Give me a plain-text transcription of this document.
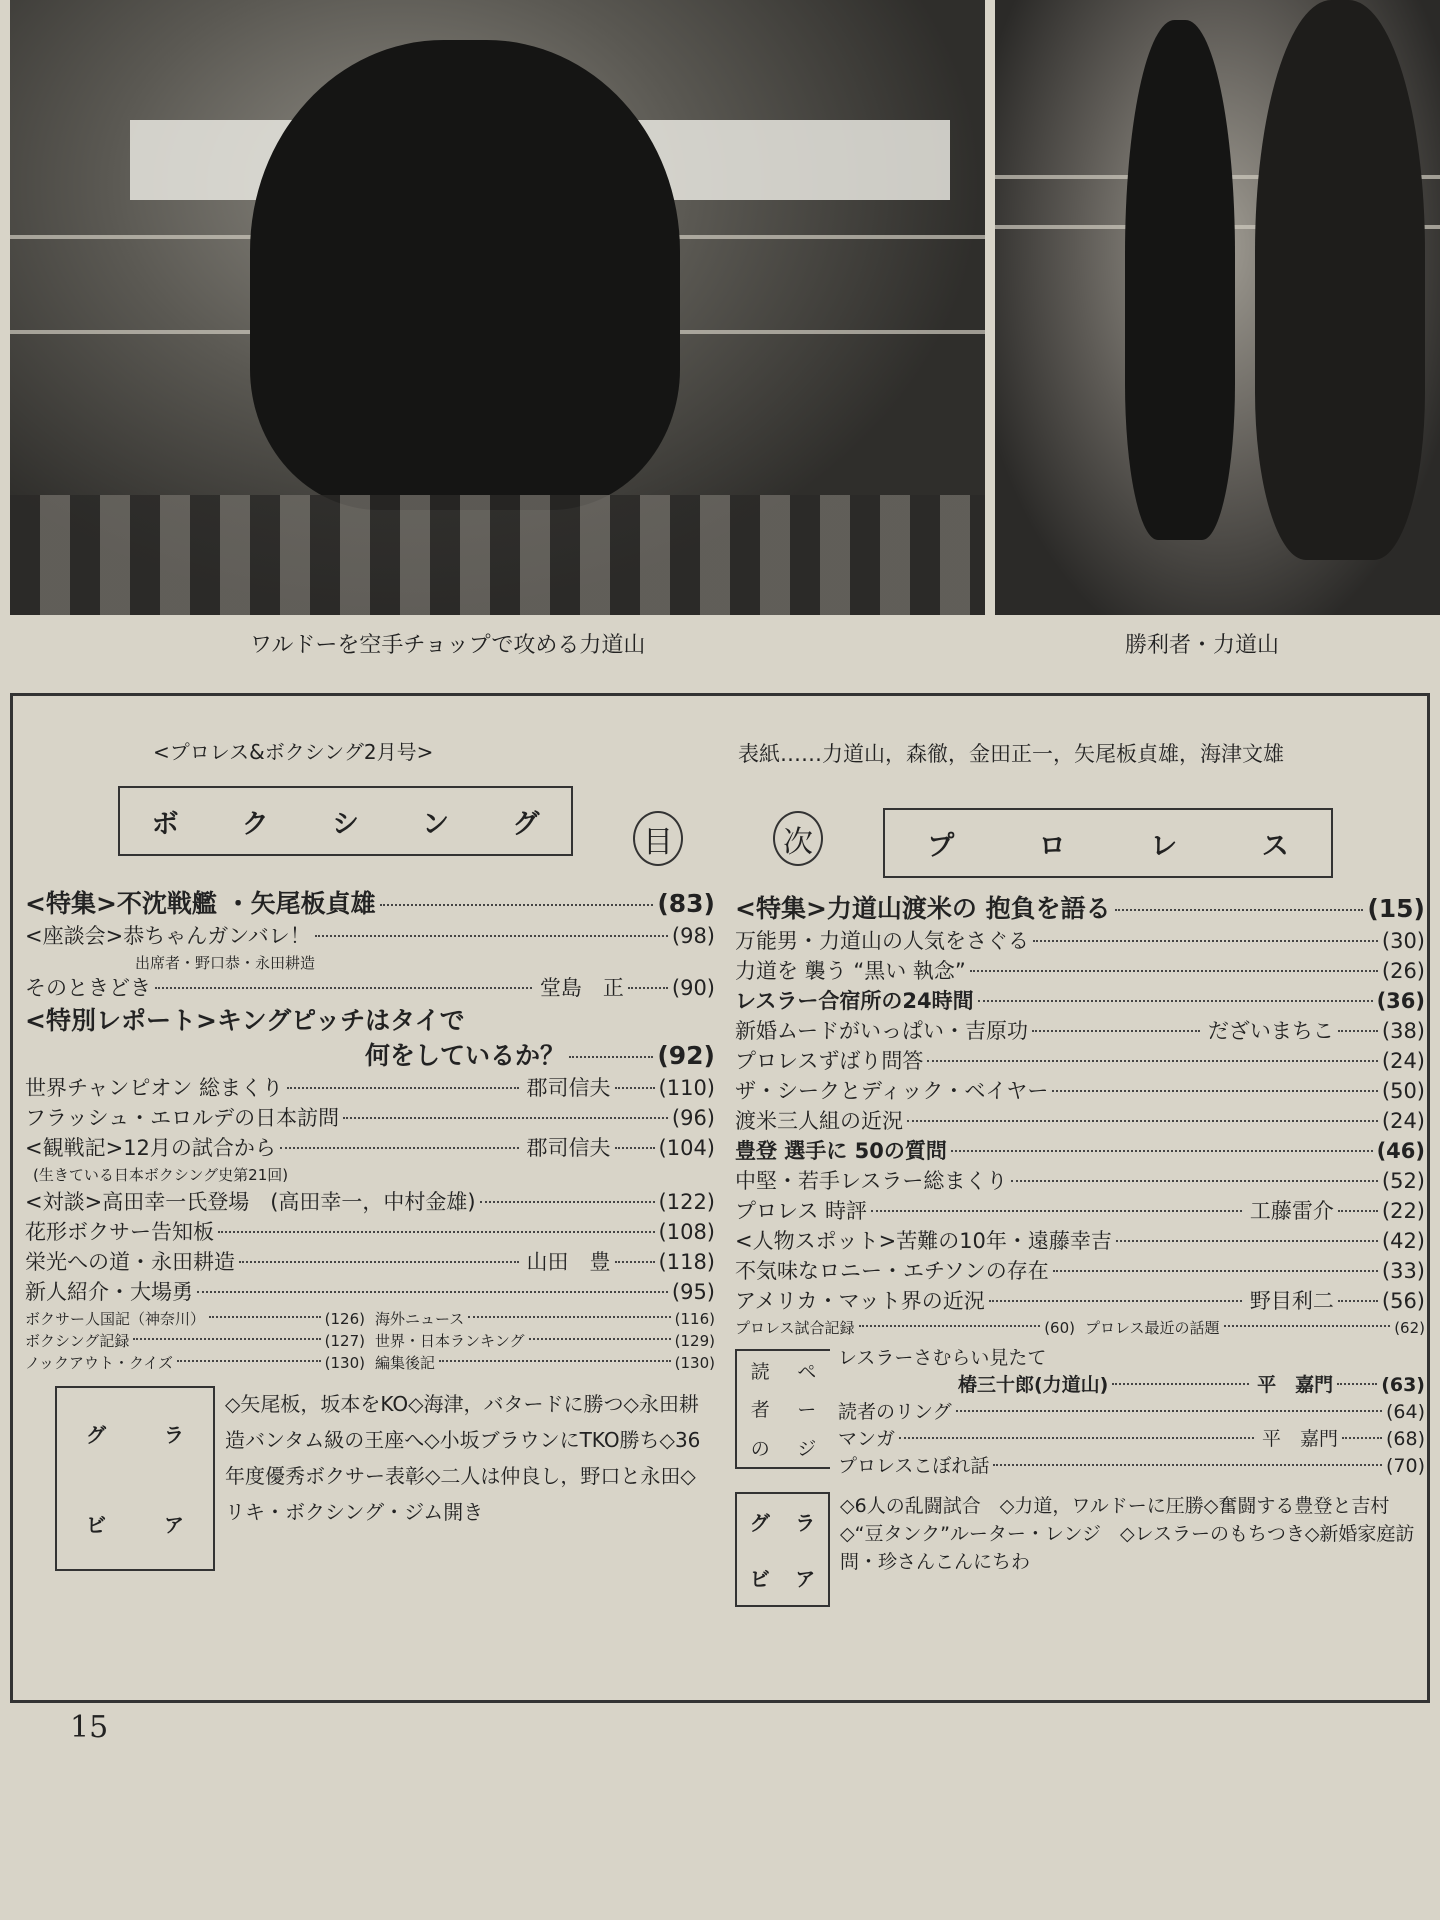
ワルドーを空手チョップで攻める力道山	勝利者・力道山
<プロレス&ボクシング2月号>	表紙……力道山，森徹，金田正一，矢尾板貞雄，海津文雄
ボ ク シ ン グ
目	次	プ	ロ	レ	ス
<特集>不沈戦艦 ・矢尾板貞雄	(83)
<座談会>恭ちゃんガンバレ！	(98)
出席者・野口恭・永田耕造
そのときどき	堂島　正 (90)
<特別レポート>キングピッチはタイで
何をしているか？	(92)
世界チャンピオン 総まくり	郡司信夫 (110)
フラッシュ・エロルデの日本訪問	(96)
<観戦記>12月の試合から	郡司信夫 (104)
(生きている日本ボクシング史第21回)
<対談>高田幸一氏登場　(高田幸一，中村金雄)	(122)
花形ボクサー告知板	(108)
栄光への道・永田耕造	山田　豊 (118)
新人紹介・大場勇	(95)
ボクサー人国記（神奈川）	(126)
ボクシング記録	(127)
ノックアウト・クイズ	(130)
海外ニュース	(116)
世界・日本ランキング	(129)
編集後記	(130)
グ	ラ
ビ	ア
◇矢尾板，坂本をKO◇海津，バタードに勝つ◇永田耕造バンタム級の王座へ◇小坂ブラウンにTKO勝ち◇36年度優秀ボクサー表彰◇二人は仲良し，野口と永田◇リキ・ボクシング・ジム開き
<特集>力道山渡米の 抱負を語る	(15)
万能男・力道山の人気をさぐる	(30)
力道を 襲う “黒い 執念”	(26)
レスラー合宿所の24時間	(36)
新婚ムードがいっぱい・吉原功	だざいまちこ (38)
プロレスずばり問答	(24)
ザ・シークとディック・ベイヤー	(50)
渡米三人組の近況	(24)
豊登 選手に 50の質問	(46)
中堅・若手レスラー総まくり	(52)
プロレス 時評	工藤雷介 (22)
<人物スポット>苦難の10年・遠藤幸吉	(42)
不気味なロニー・エチソンの存在	(33)
アメリカ・マット界の近況	野目利二 (56)
プロレス試合記録	(60) プロレス最近の話題	(62)
読	ペ
者	ー
の	ジ
レスラーさむらい見たて
椿三十郎(力道山)	平　嘉門	(63)
読者のリング	(64)
マンガ	平　嘉門	(68)
プロレスこぼれ話	(70)
グ	ラ
ビ	ア
◇6人の乱闘試合　◇力道，ワルドーに圧勝◇奮闘する豊登と吉村　◇“豆タンク”ルーター・レンジ　◇レスラーのもちつき◇新婚家庭訪問・珍さんこんにちわ
15
